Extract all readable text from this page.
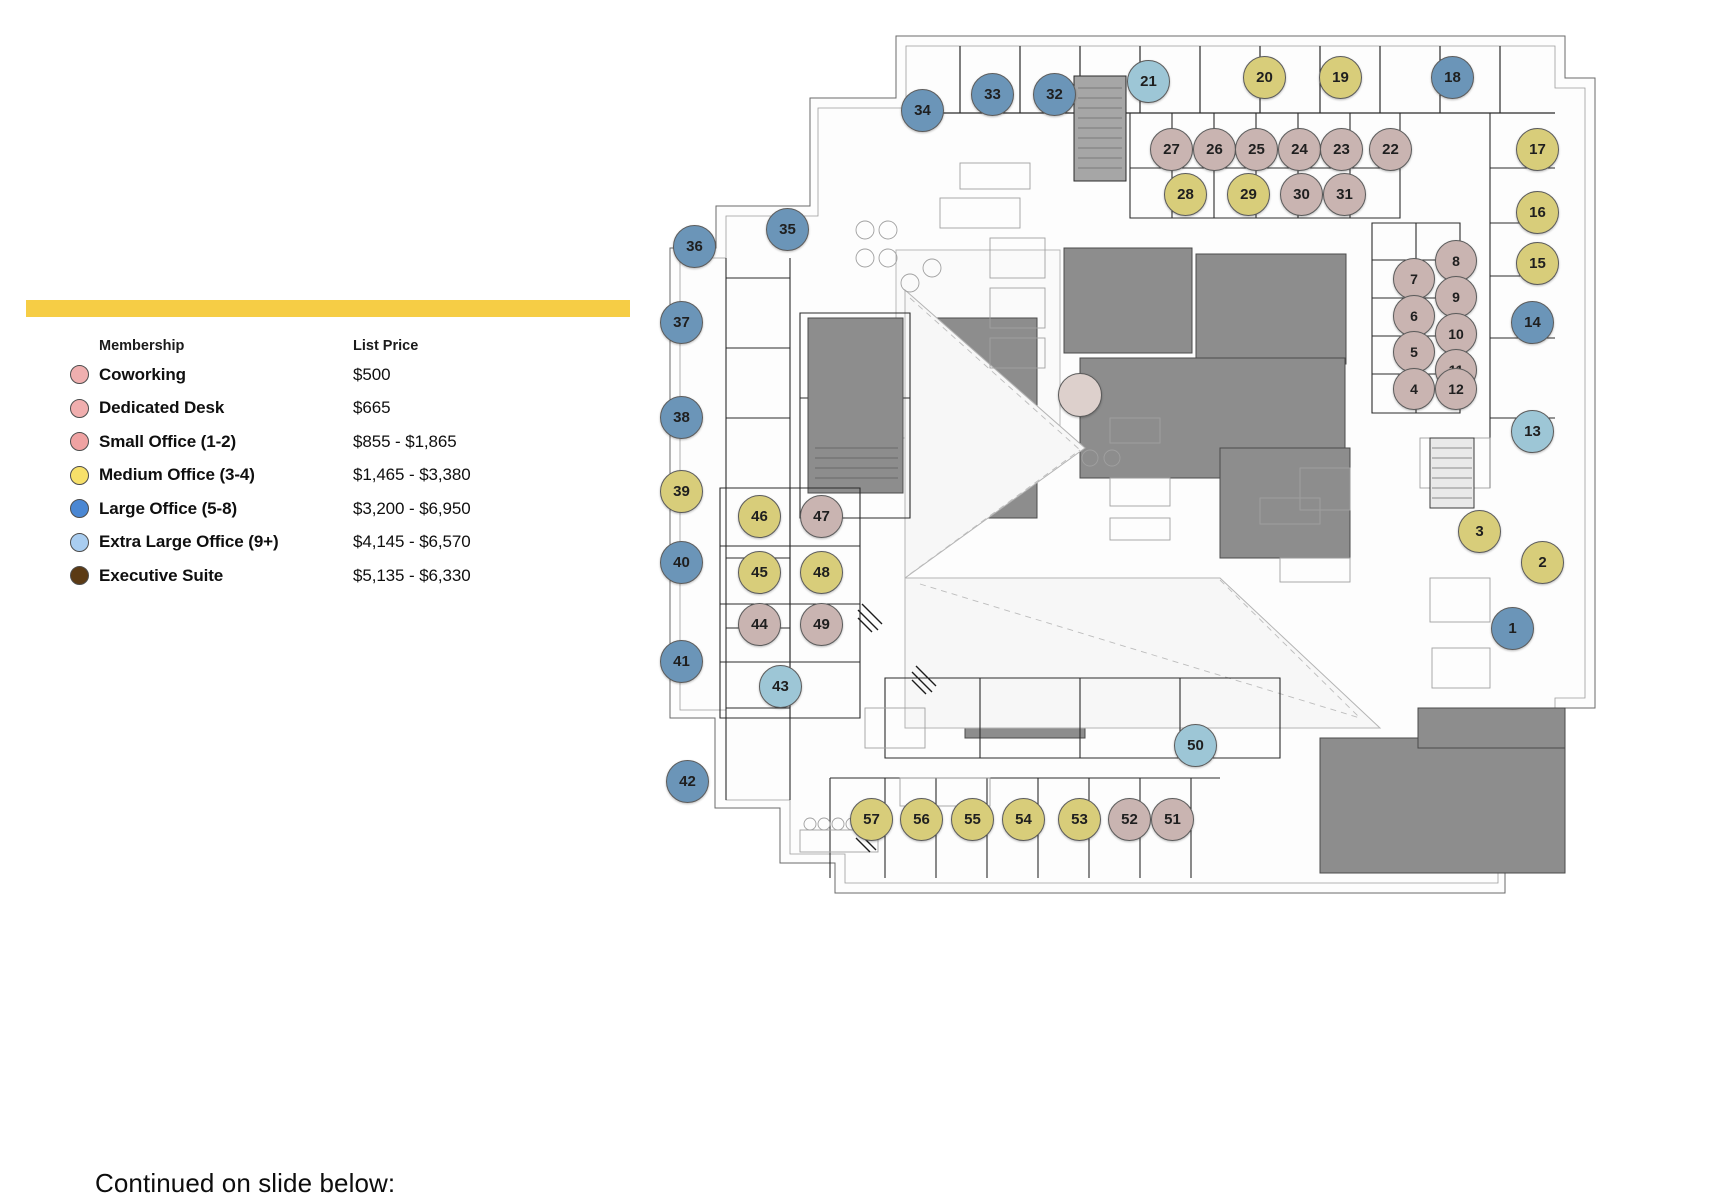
Membership	List Price
Coworking	$500
Dedicated Desk	$665
Small Office (1-2)	$855 - $1,865
Medium Office (3-4)	$1,465 - $3,380
Large Office (5-8)	$3,200 - $6,950
Extra Large Office (9+)	$4,145 - $6,570
Executive Suite	$5,135 - $6,330
Continued on slide below:
34
33	32
21	20	19	18
27	26	25	24	23	22	17
28	29	30	31
16
36
35
8	15
7
9
14
37	6
10
5
4	12
38
13
39
3
46	47
2
40
45	48
44	49	1
41
43
50
42
57	56	55	54	53	52	51
